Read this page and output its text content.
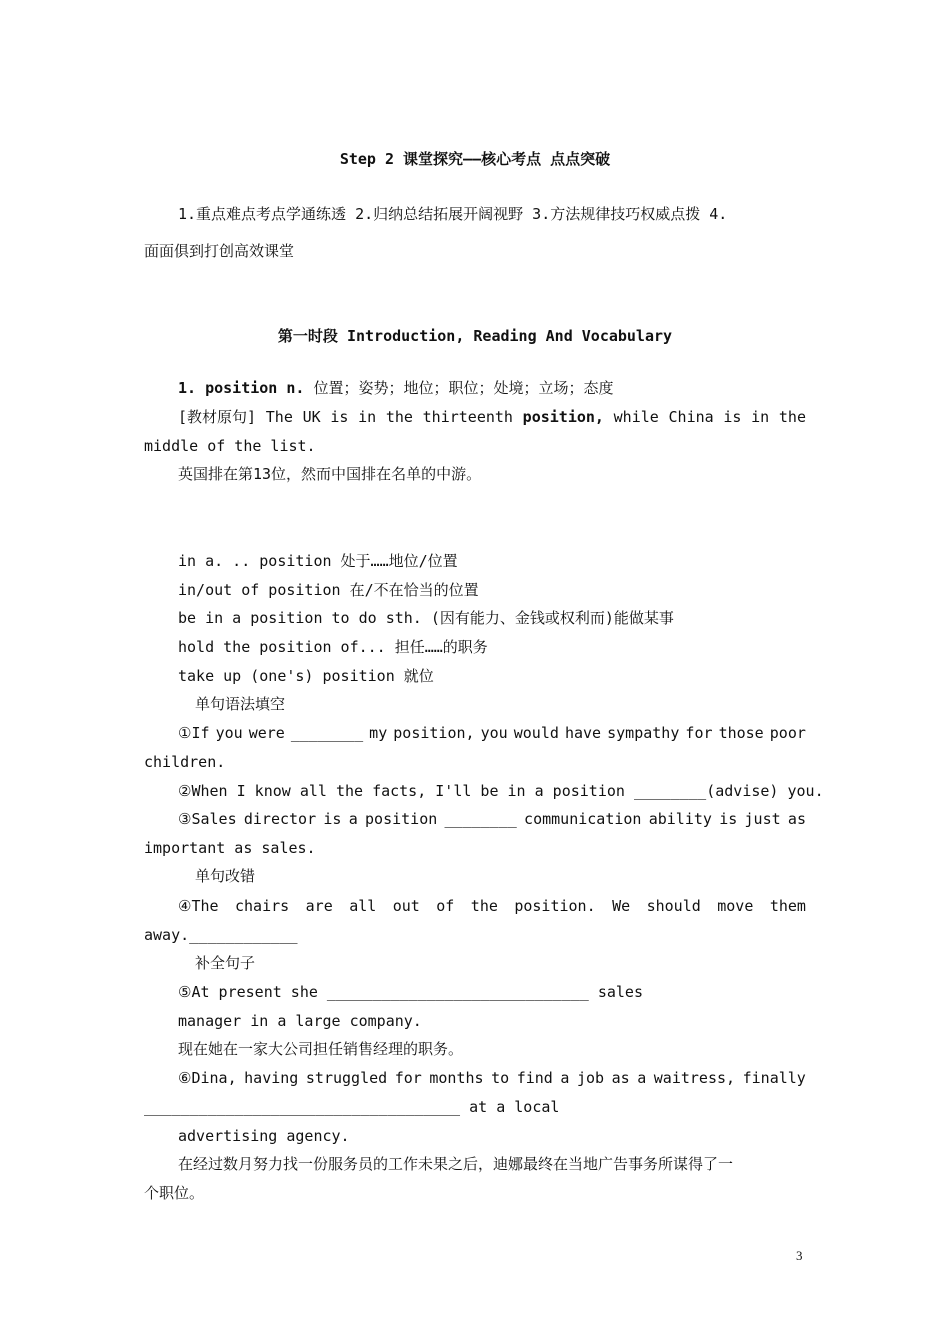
Step 2 课堂探究——核心考点 点点突破
1.重点难点考点学通练透 2.归纳总结拓展开阔视野 3.方法规律技巧权威点拨 4.
面面俱到打创高效课堂
第一时段 Introduction, Reading And Vocabulary
1. position n. 位置；姿势；地位；职位；处境；立场；态度
[教材原句] The UK is in the thirteenth position, while China is in the
middle of the list.
英国排在第13位，然而中国排在名单的中游。
in a. .. position 处于……地位/位置
in/out of position 在/不在恰当的位置
be in a position to do sth. (因有能力、金钱或权利而)能做某事
hold the position of... 担任……的职务
take up (one's) position 就位
单句语法填空
①If you were ________ my position, you would have sympathy for those poor
children.
②When I know all the facts, I'll be in a position ________(advise) you.
③Sales director is a position ________ communication ability is just as
important as sales.
单句改错
④The chairs are all out of the position. We should move them
away.____________
补全句子
⑤At present she _____________________________ sales
manager in a large company.
现在她在一家大公司担任销售经理的职务。
⑥Dina, having struggled for months to find a job as a waitress, finally
___________________________________ at a local
advertising agency.
在经过数月努力找一份服务员的工作未果之后，迪娜最终在当地广告事务所谋得了一
个职位。
3
